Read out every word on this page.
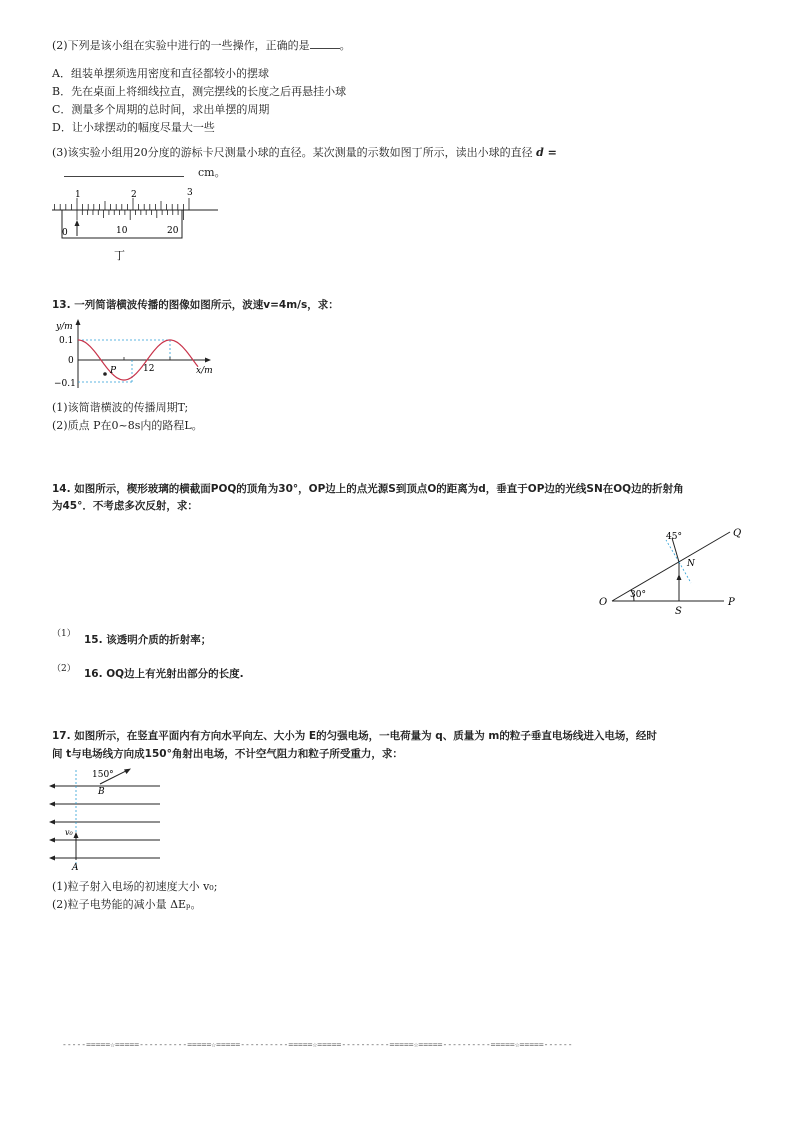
(2)下列是该小组在实验中进行的一些操作，正确的是	。
A．组装单摆须选用密度和直径都较小的摆球
B．先在桌面上将细线拉直，测完摆线的长度之后再悬挂小球
C．测量多个周期的总时间，求出单摆的周期
D．让小球摆动的幅度尽量大一些
(3)该实验小组用20分度的游标卡尺测量小球的直径。某次测量的示数如图丁所示，读出小球的直径 d =
cm。
1	2	3
0	10	20
丁
13. 一列简谐横波传播的图像如图所示，波速v=4m/s，求：
P
y/m
x/m
0.1
0
−0.1
12
(1)该简谐横波的传播周期T;
(2)质点 P在0~8s内的路程L。
14. 如图所示，楔形玻璃的横截面POQ的顶角为30°，OP边上的点光源S到顶点O的距离为d，垂直于OP边的光线SN在OQ边的折射角
为45°．不考虑多次反射，求：
45°
30°
Q
N
O	P
S
（1） 15. 该透明介质的折射率；
（2） 16. OQ边上有光射出部分的长度.
17. 如图所示，在竖直平面内有方向水平向左、大小为 E的匀强电场，一电荷量为 q、质量为 m的粒子垂直电场线进入电场，经时
间 t与电场线方向成150°角射出电场，不计空气阻力和粒子所受重力，求：
150°
B
v₀
A
(1)粒子射入电场的初速度大小 v₀;
(2)粒子电势能的减小量 ΔEₚ。
-----=====☆=====----------=====☆=====----------=====☆=====----------=====☆=====----------=====☆=====------
